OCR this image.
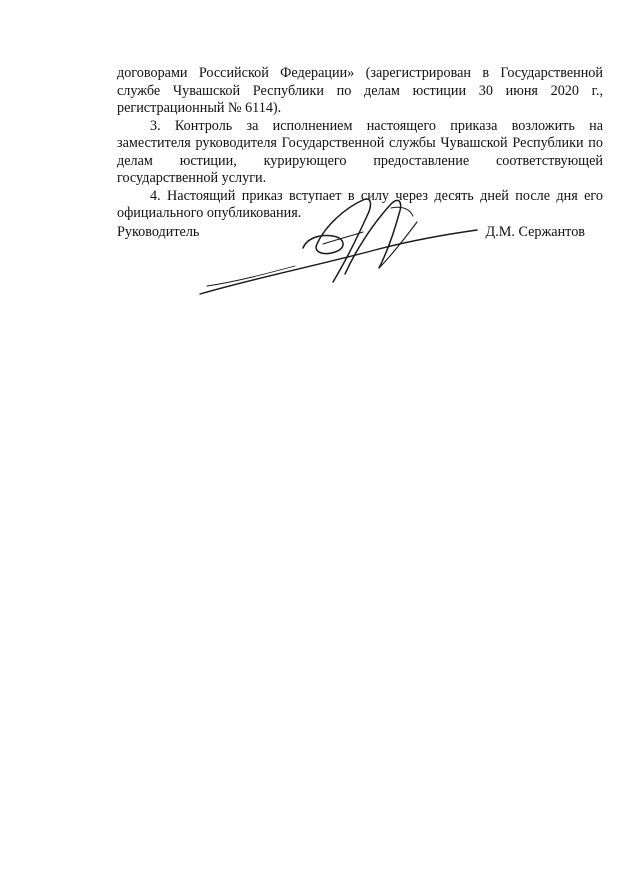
договорами Российской Федерации» (зарегистрирован в Государственной службе Чувашской Республики по делам юстиции 30 июня 2020 г., регистрационный № 6114).

3. Контроль за исполнением настоящего приказа возложить на заместителя руководителя Государственной службы Чувашской Республики по делам юстиции, курирующего предоставление соответствующей государственной услуги.

4. Настоящий приказ вступает в силу через десять дней после дня его официального опубликования.

Руководитель	Д.М. Сержантов
